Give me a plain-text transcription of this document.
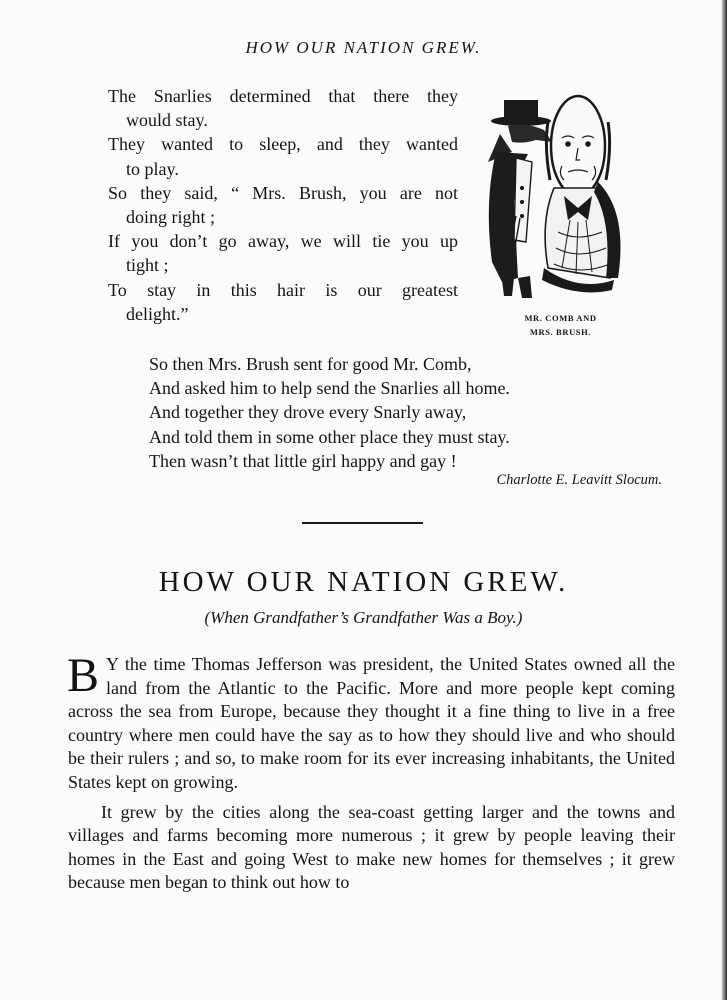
HOW OUR NATION GREW.
The Snarlies determined that there they
would stay.
They wanted to sleep, and they wanted
to play.
So they said, “ Mrs. Brush, you are not
doing right ;
If you don’t go away, we will tie you up
tight ;
To stay in this hair is our greatest
delight.”	MR. COMB AND
MRS. BRUSH.
So then Mrs. Brush sent for good Mr. Comb,
And asked him to help send the Snarlies all home.
And together they drove every Snarly away,
And told them in some other place they must stay.
Then wasn’t that little girl happy and gay !
Charlotte E. Leavitt Slocum.
HOW OUR NATION GREW.
(When Grandfather’s Grandfather Was a Boy.)

B Y the time Thomas Jefferson was president, the United States owned all the land from the Atlantic to the Pacific. More and more people kept coming across the sea from Europe, because they thought it a fine thing to live in a free country where men could have the say as to how they should live and who should be their rulers ; and so, to make room for its ever increasing inhabitants, the United States kept on growing.

It grew by the cities along the sea-coast getting larger and the towns and villages and farms becoming more numerous ; it grew by people leaving their homes in the East and going West to make new homes for themselves ; it grew because men began to think out how to
